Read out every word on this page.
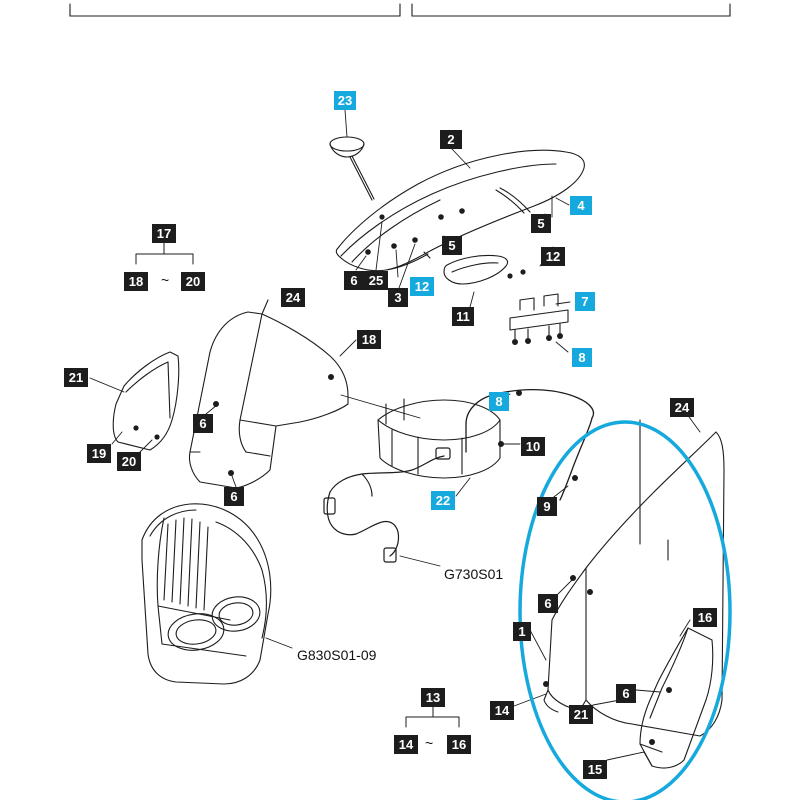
23
2
4
5
17
5
12
6 25 12
18	20
3
24	7
11
18
8
21
8	24
6
10
19
20
6	22	9
6
16
1
13	6
14	21
14	16
15
~
~
G730S01
G830S01-09
